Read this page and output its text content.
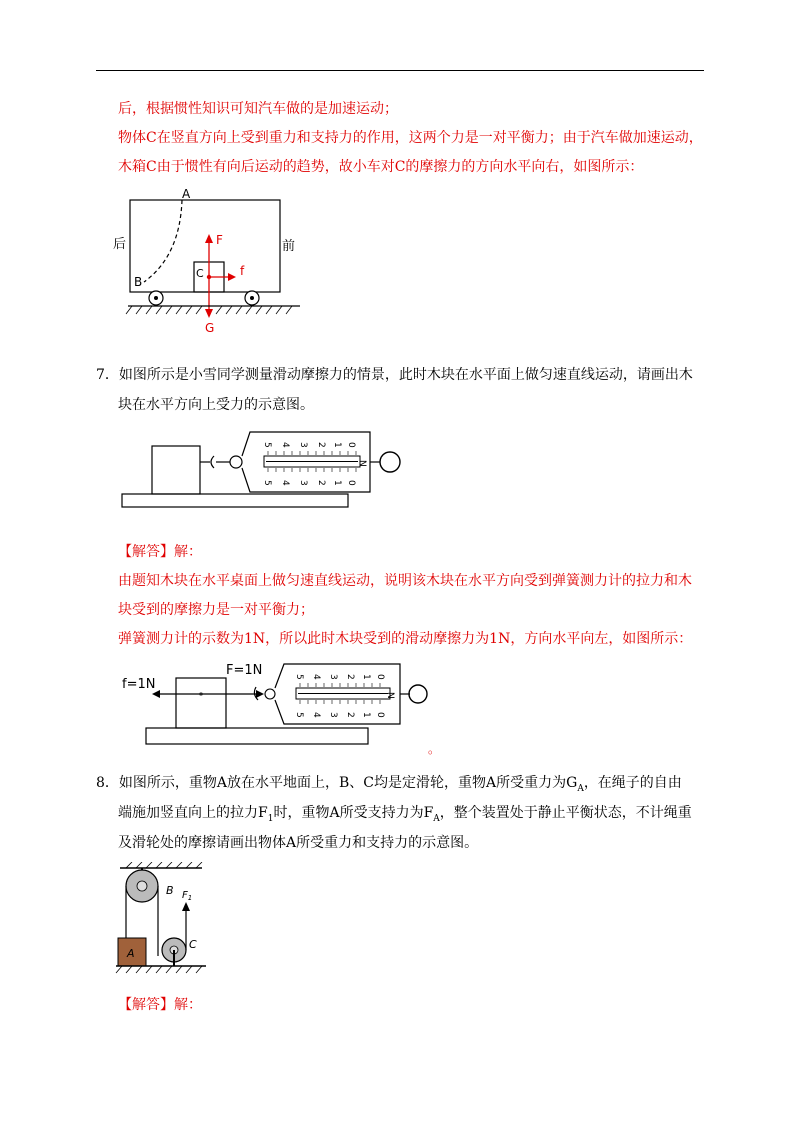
后，根据惯性知识可知汽车做的是加速运动；
物体C在竖直方向上受到重力和支持力的作用，这两个力是一对平衡力；由于汽车做加速运动，
木箱C由于惯性有向后运动的趋势，故小车对C的摩擦力的方向水平向右，如图所示：
A
B
后	前
C
F
f
G
7．如图所示是小雪同学测量滑动摩擦力的情景，此时木块在水平面上做匀速直线运动，请画出木
块在水平方向上受力的示意图。
5 4 3 2 1 0
5 4 3 2 1 0
N
【解答】解：
由题知木块在水平桌面上做匀速直线运动，说明该木块在水平方向受到弹簧测力计的拉力和木
块受到的摩擦力是一对平衡力；
弹簧测力计的示数为1N，所以此时木块受到的滑动摩擦力为1N，方向水平向左，如图所示：
f=1N
F=1N	5 4 3 2 1 0
5 4 3 2 1 0
N
。
8．如图所示，重物A放在水平地面上，B、C均是定滑轮，重物A所受重力为$G_A$，在绳子的自由
端施加竖直向上的拉力$F_1$时，重物A所受支持力为$F_A$，整个装置处于静止平衡状态，不计绳重
及滑轮处的摩擦请画出物体A所受重力和支持力的示意图。
B
A
C
$F_1$
【解答】解：
